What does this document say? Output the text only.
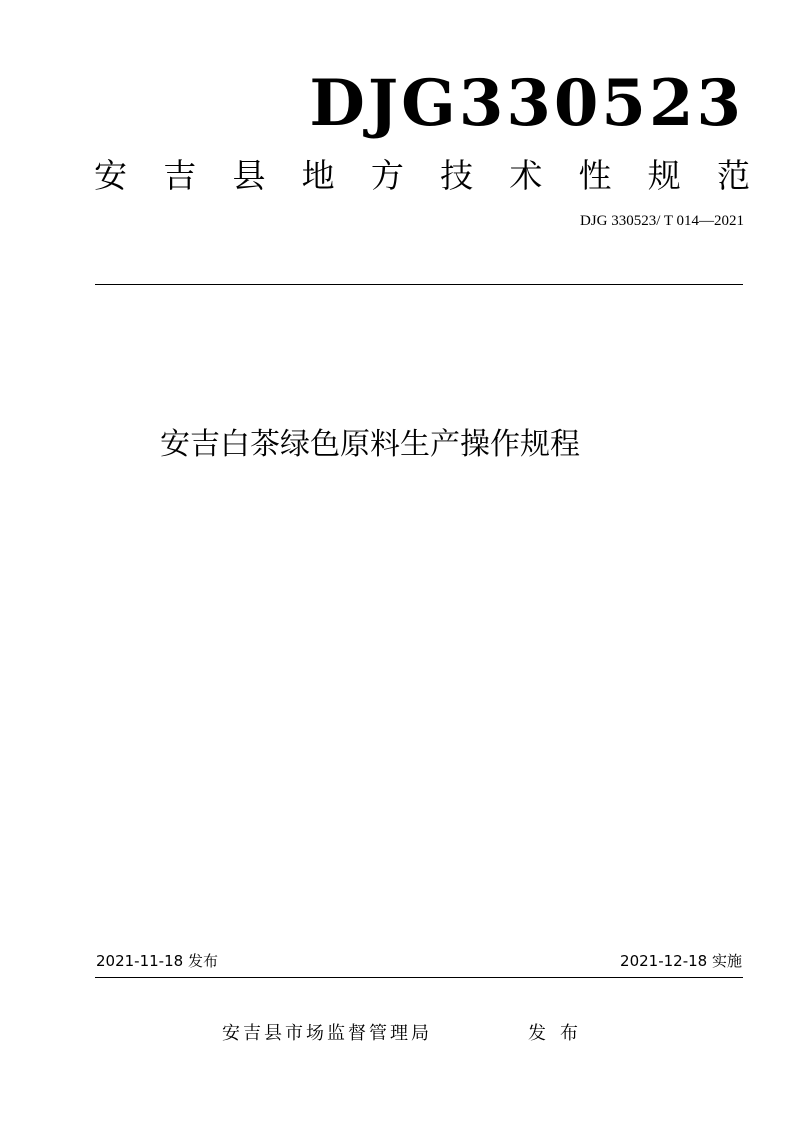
DJG330523
安 吉 县 地 方 技 术 性 规 范
DJG 330523/ T 014—2021
安吉白茶绿色原料生产操作规程
2021-11-18 发布	2021-12-18 实施
安吉县市场监督管理局	发布
